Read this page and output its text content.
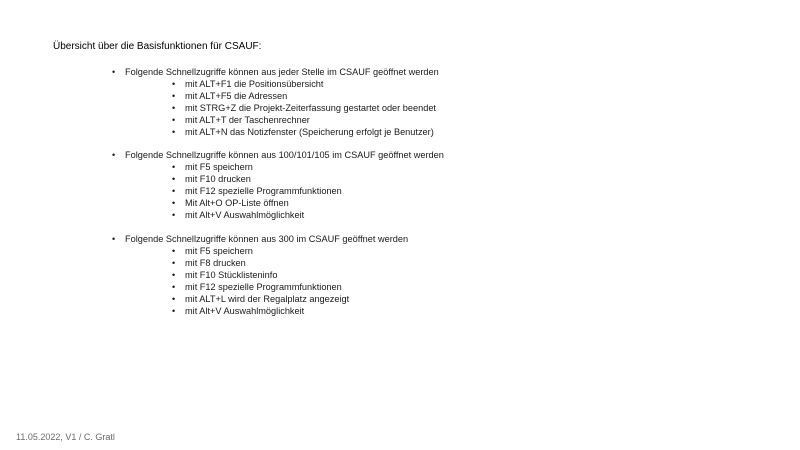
Übersicht über die Basisfunktionen für CSAUF:
•	Folgende Schnellzugriffe können aus jeder Stelle im CSAUF geöffnet werden
•	mit ALT+F1 die Positionsübersicht
•	mit ALT+F5 die Adressen
•	mit STRG+Z die Projekt-Zeiterfassung gestartet oder beendet
•	mit ALT+T der Taschenrechner
•	mit ALT+N das Notizfenster (Speicherung erfolgt je Benutzer)
•	Folgende Schnellzugriffe können aus 100/101/105 im CSAUF geöffnet werden
•	mit F5 speichern
•	mit F10 drucken
•	mit F12 spezielle Programmfunktionen
•	Mit Alt+O OP-Liste öffnen
•	mit Alt+V Auswahlmöglichkeit
•	Folgende Schnellzugriffe können aus 300 im CSAUF geöffnet werden
•	mit F5 speichern
•	mit F8 drucken
•	mit F10 Stücklisteninfo
•	mit F12 spezielle Programmfunktionen
•	mit ALT+L wird der Regalplatz angezeigt
•	mit Alt+V Auswahlmöglichkeit
11.05.2022, V1 / C. Gratl
